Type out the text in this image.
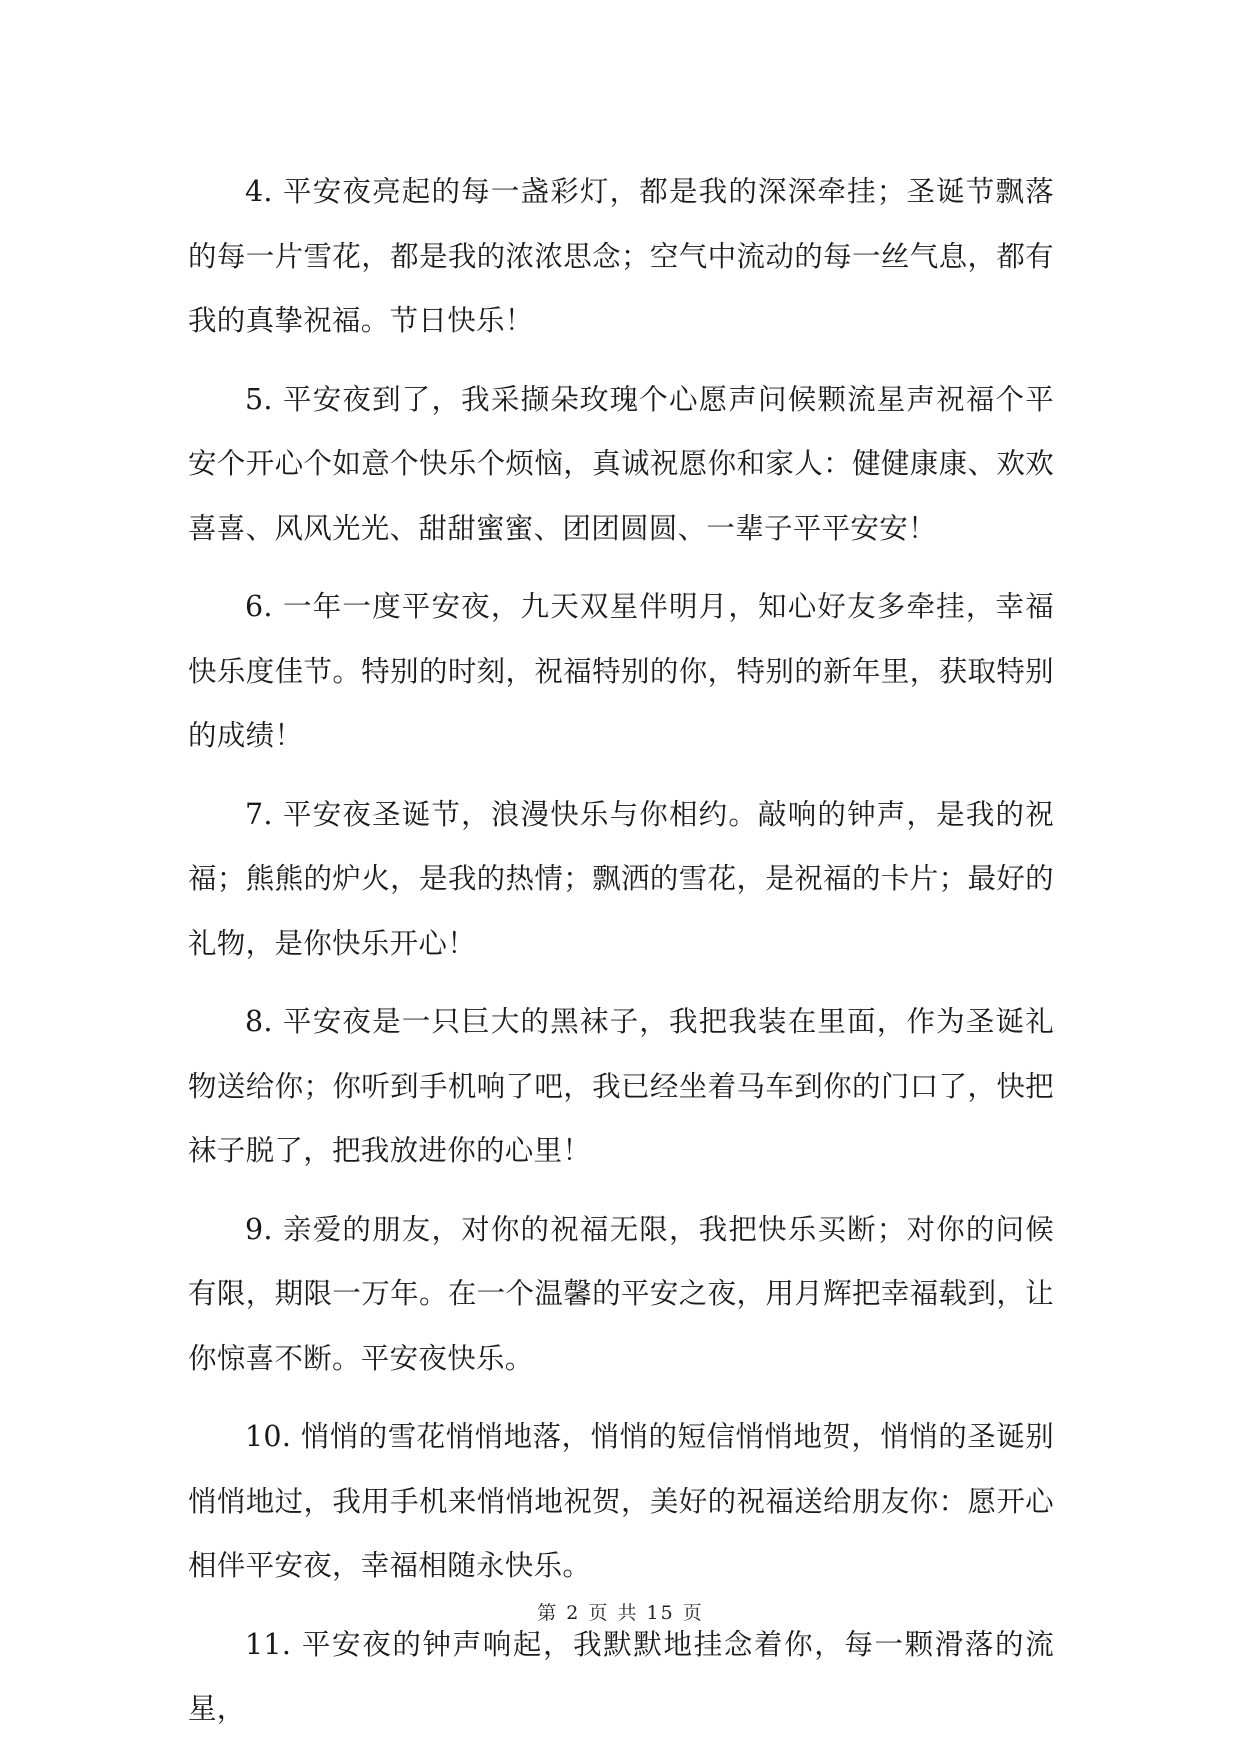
4. 平安夜亮起的每一盏彩灯，都是我的深深牵挂；圣诞节飘落的每一片雪花，都是我的浓浓思念；空气中流动的每一丝气息，都有我的真挚祝福。节日快乐！

5. 平安夜到了，我采撷朵玫瑰个心愿声问候颗流星声祝福个平安个开心个如意个快乐个烦恼，真诚祝愿你和家人：健健康康、欢欢喜喜、风风光光、甜甜蜜蜜、团团圆圆、一辈子平平安安！

6. 一年一度平安夜，九天双星伴明月，知心好友多牵挂，幸福快乐度佳节。特别的时刻，祝福特别的你，特别的新年里，获取特别的成绩！

7. 平安夜圣诞节，浪漫快乐与你相约。敲响的钟声，是我的祝福；熊熊的炉火，是我的热情；飘洒的雪花，是祝福的卡片；最好的礼物，是你快乐开心！

8. 平安夜是一只巨大的黑袜子，我把我装在里面，作为圣诞礼物送给你；你听到手机响了吧，我已经坐着马车到你的门口了，快把袜子脱了，把我放进你的心里！

9. 亲爱的朋友，对你的祝福无限，我把快乐买断；对你的问候有限，期限一万年。在一个温馨的平安之夜，用月辉把幸福载到，让你惊喜不断。平安夜快乐。

10. 悄悄的雪花悄悄地落，悄悄的短信悄悄地贺，悄悄的圣诞别悄悄地过，我用手机来悄悄地祝贺，美好的祝福送给朋友你：愿开心相伴平安夜，幸福相随永快乐。

11. 平安夜的钟声响起，我默默地挂念着你，每一颗滑落的流星，

第 2 页 共 15 页
